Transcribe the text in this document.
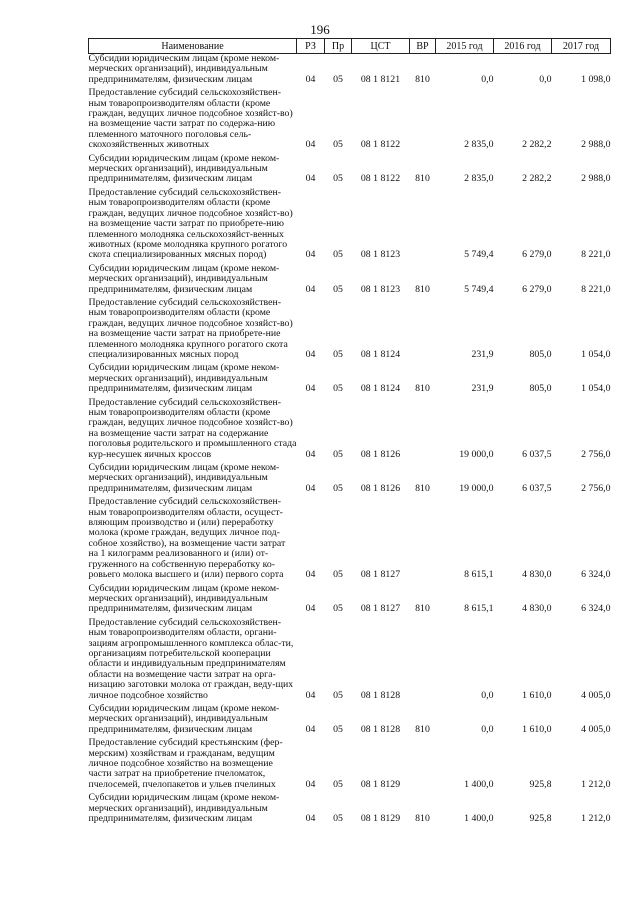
196
Наименование	РЗ	Пр	ЦСТ	ВР	2015 год	2016 год	2017 год
Субсидии юридическим лицам (кроме неком-мерческих организаций), индивидуальным предпринимателям, физическим лицам	04	05	08 1 8121	810	0,0	0,0	1 098,0
Предоставление субсидий сельскохозяйствен-ным товаропроизводителям области (кроме граждан, ведущих личное подсобное хозяйст-во) на возмещение части затрат по содержа-нию племенного маточного поголовья сель-скохозяйственных животных	04	05	08 1 8122		2 835,0	2 282,2	2 988,0
Субсидии юридическим лицам (кроме неком-мерческих организаций), индивидуальным предпринимателям, физическим лицам	04	05	08 1 8122	810	2 835,0	2 282,2	2 988,0
Предоставление субсидий сельскохозяйствен-ным товаропроизводителям области (кроме граждан, ведущих личное подсобное хозяйст-во) на возмещение части затрат по приобрете-нию племенного молодняка сельскохозяйст-венных животных (кроме молодняка крупного рогатого скота специализированных мясных пород)	04	05	08 1 8123		5 749,4	6 279,0	8 221,0
Субсидии юридическим лицам (кроме неком-мерческих организаций), индивидуальным предпринимателям, физическим лицам	04	05	08 1 8123	810	5 749,4	6 279,0	8 221,0
Предоставление субсидий сельскохозяйствен-ным товаропроизводителям области (кроме граждан, ведущих личное подсобное хозяйст-во) на возмещение части затрат на приобрете-ние племенного молодняка крупного рогатого скота специализированных мясных пород	04	05	08 1 8124		231,9	805,0	1 054,0
Субсидии юридическим лицам (кроме неком-мерческих организаций), индивидуальным предпринимателям, физическим лицам	04	05	08 1 8124	810	231,9	805,0	1 054,0
Предоставление субсидий сельскохозяйствен-ным товаропроизводителям области (кроме граждан, ведущих личное подсобное хозяйст-во) на возмещение части затрат на содержание поголовья родительского и промышленного стада кур-несушек яичных кроссов	04	05	08 1 8126		19 000,0	6 037,5	2 756,0
Субсидии юридическим лицам (кроме неком-мерческих организаций), индивидуальным предпринимателям, физическим лицам	04	05	08 1 8126	810	19 000,0	6 037,5	2 756,0
Предоставление субсидий сельскохозяйствен-ным товаропроизводителям области, осущест-вляющим производство и (или) переработку молока (кроме граждан, ведущих личное под-собное хозяйство), на возмещение части затрат на 1 килограмм реализованного и (или) от-груженного на собственную переработку ко-ровьего молока высшего и (или) первого сорта	04	05	08 1 8127		8 615,1	4 830,0	6 324,0
Субсидии юридическим лицам (кроме неком-мерческих организаций), индивидуальным предпринимателям, физическим лицам	04	05	08 1 8127	810	8 615,1	4 830,0	6 324,0
Предоставление субсидий сельскохозяйствен-ным товаропроизводителям области, органи-зациям агропромышленного комплекса облас-ти, организациям потребительской кооперации области и индивидуальным предпринимателям области на возмещение части затрат на орга-низацию заготовки молока от граждан, веду-щих личное подсобное хозяйство	04	05	08 1 8128		0,0	1 610,0	4 005,0
Субсидии юридическим лицам (кроме неком-мерческих организаций), индивидуальным предпринимателям, физическим лицам	04	05	08 1 8128	810	0,0	1 610,0	4 005,0
Предоставление субсидий крестьянским (фер-мерским) хозяйствам и гражданам, ведущим личное подсобное хозяйство на возмещение части затрат на приобретение пчеломаток, пчелосемей, пчелопакетов и ульев пчелиных	04	05	08 1 8129		1 400,0	925,8	1 212,0
Субсидии юридическим лицам (кроме неком-мерческих организаций), индивидуальным предпринимателям, физическим лицам	04	05	08 1 8129	810	1 400,0	925,8	1 212,0
